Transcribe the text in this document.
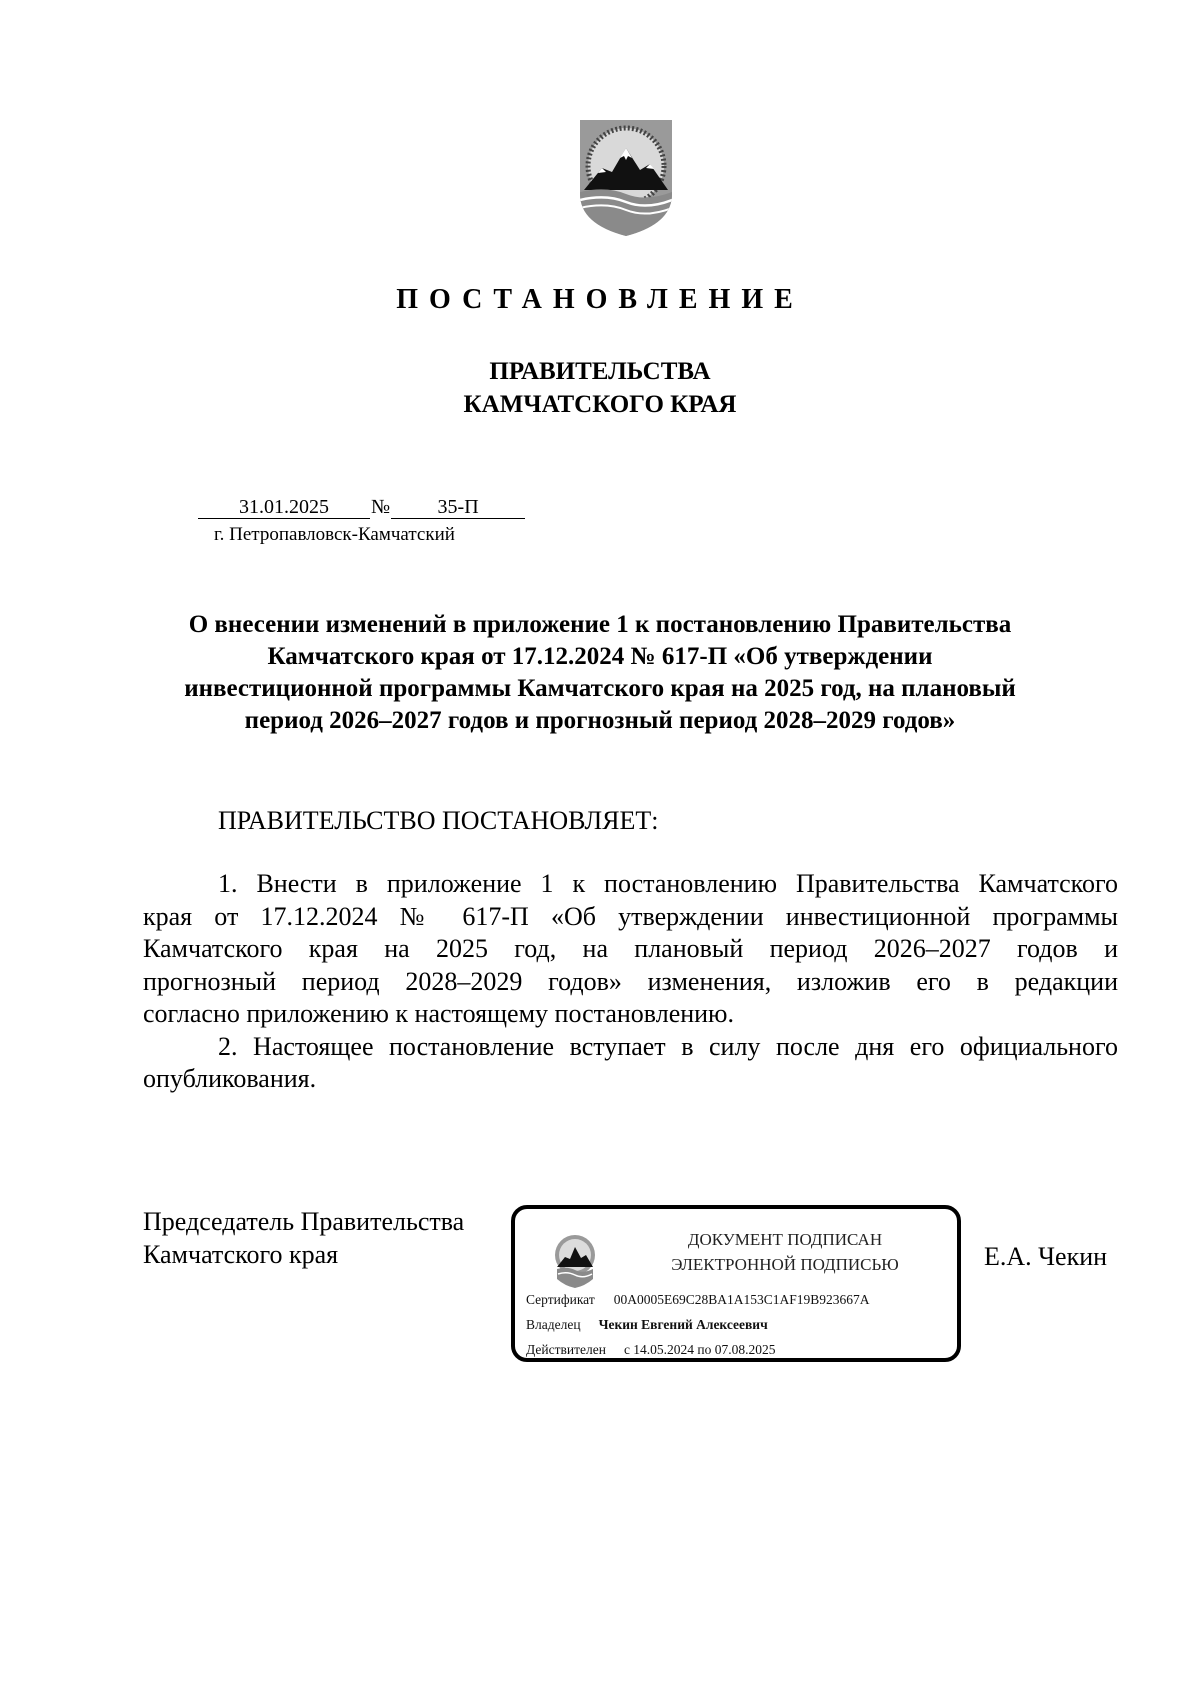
ПОСТАНОВЛЕНИЕ
ПРАВИТЕЛЬСТВА
КАМЧАТСКОГО КРАЯ
31.01.2025 № 35-П
г. Петропавловск-Камчатский
О внесении изменений в приложение 1 к постановлению Правительства
Камчатского края от 17.12.2024 № 617-П «Об утверждении
инвестиционной программы Камчатского края на 2025 год, на плановый
период 2026–2027 годов и прогнозный период 2028–2029 годов»
ПРАВИТЕЛЬСТВО ПОСТАНОВЛЯЕТ:
1. Внести в приложение 1 к постановлению Правительства Камчатского
края от 17.12.2024 № 617-П «Об утверждении инвестиционной программы
Камчатского края на 2025 год, на плановый период 2026–2027 годов и
прогнозный период 2028–2029 годов» изменения, изложив его в редакции
согласно приложению к настоящему постановлению.
2. Настоящее постановление вступает в силу после дня его официального
опубликования.
Председатель Правительства
Камчатского края
ДОКУМЕНТ ПОДПИСАН
ЭЛЕКТРОННОЙ ПОДПИСЬЮ
Сертификат 00A0005E69C28BA1A153C1AF19B923667A
Владелец Чекин Евгений Алексеевич
Действителен с 14.05.2024 по 07.08.2025
Е.А. Чекин
